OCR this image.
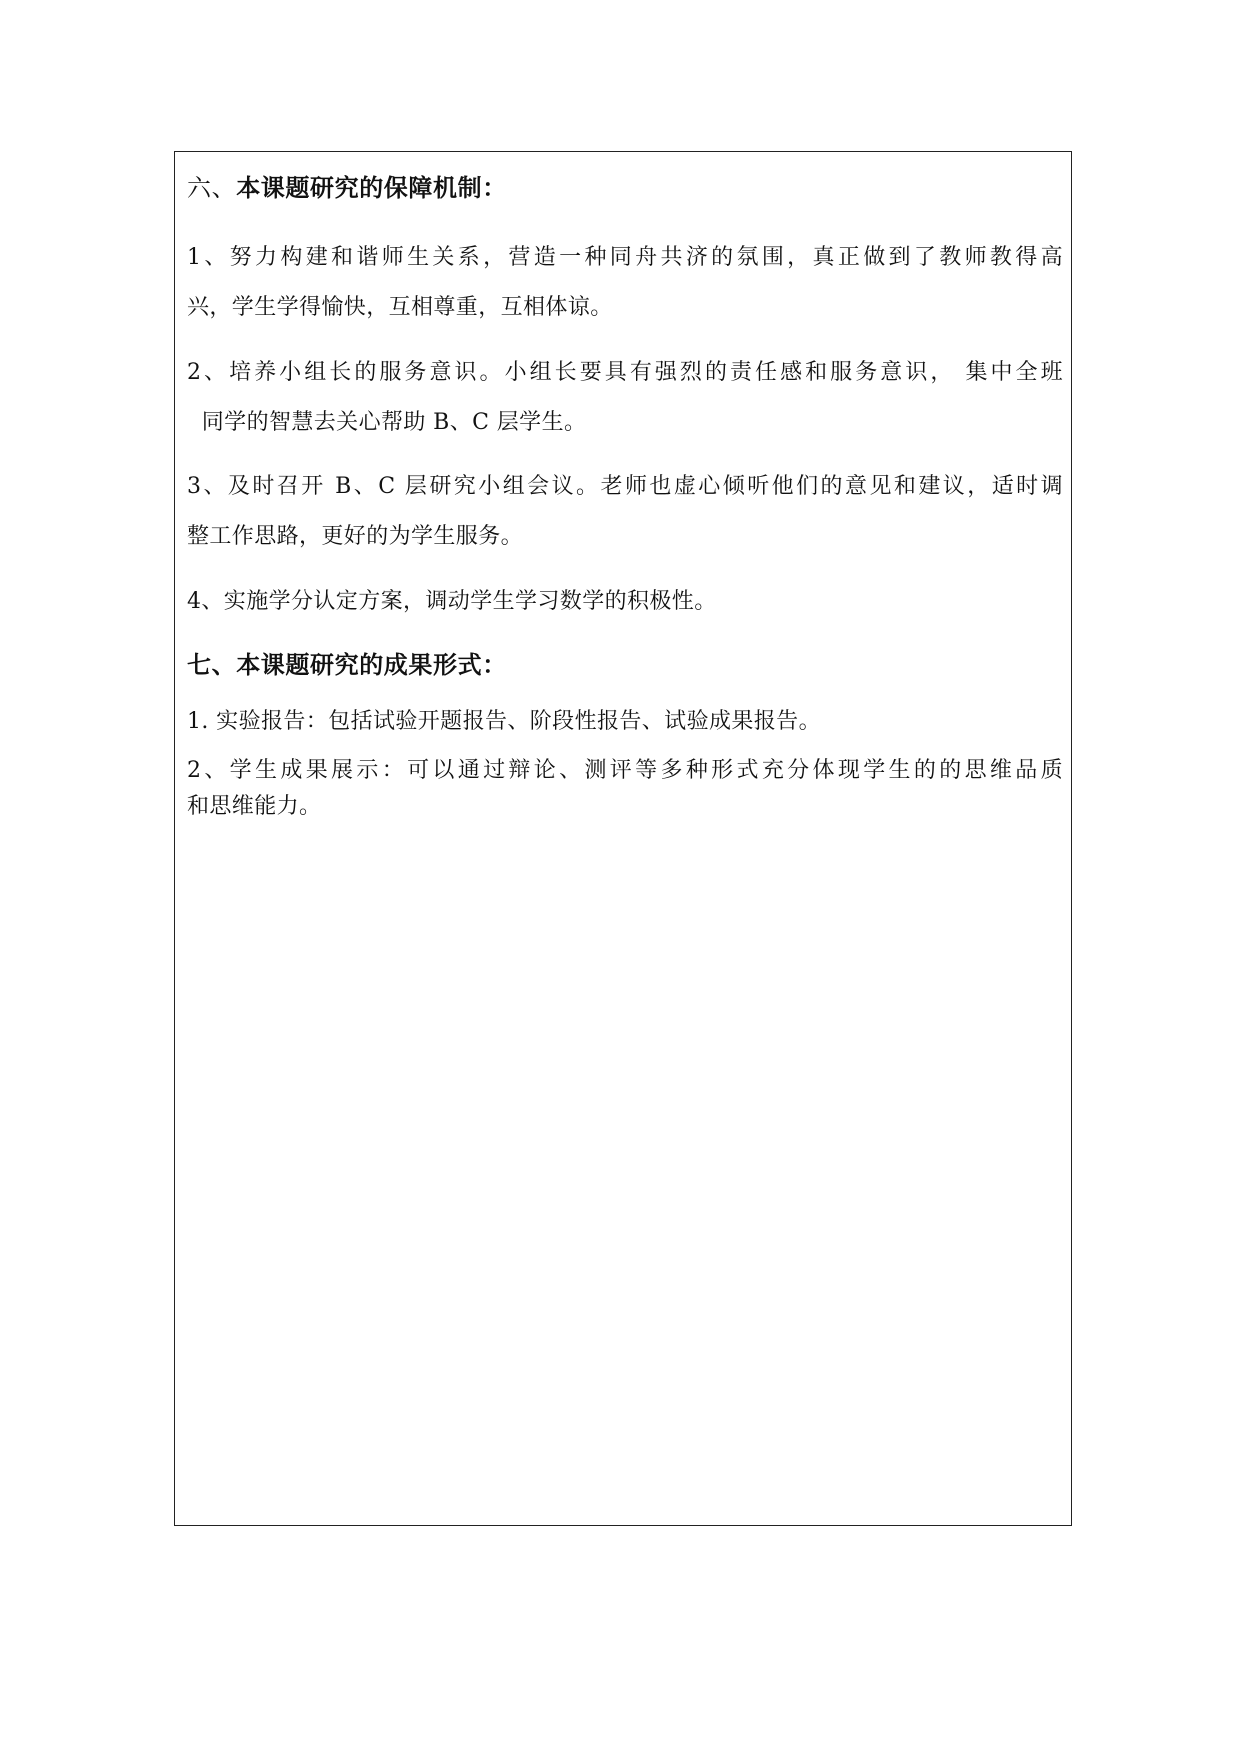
六、本课题研究的保障机制：
1、努力构建和谐师生关系，营造一种同舟共济的氛围，真正做到了教师教得高
兴，学生学得愉快，互相尊重，互相体谅。
2、培养小组长的服务意识。小组长要具有强烈的责任感和服务意识， 集中全班
同学的智慧去关心帮助 B、C 层学生。
3、及时召开 B、C 层研究小组会议。老师也虚心倾听他们的意见和建议，适时调
整工作思路，更好的为学生服务。
4、实施学分认定方案，调动学生学习数学的积极性。
七、本课题研究的成果形式：
1. 实验报告：包括试验开题报告、阶段性报告、试验成果报告。
2、学生成果展示：可以通过辩论、测评等多种形式充分体现学生的的思维品质
和思维能力。
